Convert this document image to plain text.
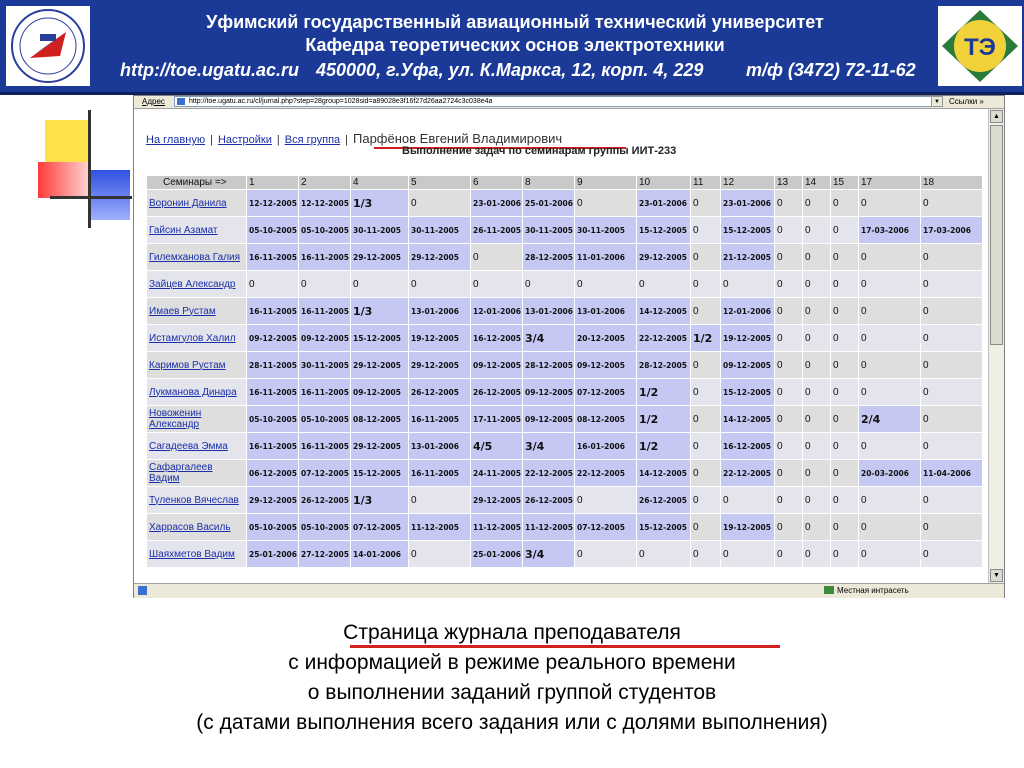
Уфимский государственный авиационный технический университет
Кафедра теоретических основ электротехники
http://toe.ugatu.ac.ru 450000, г.Уфа, ул. К.Маркса, 12, корп. 4, 229	т/ф (3472) 72-11-62
ТЭ
Адрес	http://toe.ugatu.ac.ru/cl/jurnal.php?step=28group=1028sid=a89028e3f16f27d26aa2724c3c038e4a	▼	Ссылки »
На главную | Настройки | Вся группа | Парфёнов Евгений Владимирович
Выполнение задач по семинарам группы ИИТ-233
Семинары =>	1	2	4	5	6	8	9	10	11	12	13	14	15	17	18
Воронин Данила	12-12-2005	12-12-2005	1/3	0	23-01-2006	25-01-2006	0	23-01-2006	0	23-01-2006	0	0	0	0	0
Гайсин Азамат	05-10-2005	05-10-2005	30-11-2005	30-11-2005	26-11-2005	30-11-2005	30-11-2005	15-12-2005	0	15-12-2005	0	0	0	17-03-2006	17-03-2006
Гилемханова Галия	16-11-2005	16-11-2005	29-12-2005	29-12-2005	0	28-12-2005	11-01-2006	29-12-2005	0	21-12-2005	0	0	0	0	0
Зайцев Александр	0	0	0	0	0	0	0	0	0	0	0	0	0	0	0
Имаев Рустам	16-11-2005	16-11-2005	1/3	13-01-2006	12-01-2006	13-01-2006	13-01-2006	14-12-2005	0	12-01-2006	0	0	0	0	0
Истамгулов Халил	09-12-2005	09-12-2005	15-12-2005	19-12-2005	16-12-2005	3/4	20-12-2005	22-12-2005	1/2	19-12-2005	0	0	0	0	0
Каримов Рустам	28-11-2005	30-11-2005	29-12-2005	29-12-2005	09-12-2005	28-12-2005	09-12-2005	28-12-2005	0	09-12-2005	0	0	0	0	0
Лукманова Динара	16-11-2005	16-11-2005	09-12-2005	26-12-2005	26-12-2005	09-12-2005	07-12-2005	1/2	0	15-12-2005	0	0	0	0	0
Новоженин Александр	05-10-2005	05-10-2005	08-12-2005	16-11-2005	17-11-2005	09-12-2005	08-12-2005	1/2	0	14-12-2005	0	0	0	2/4	0
Сагадеева Эмма	16-11-2005	16-11-2005	29-12-2005	13-01-2006	4/5	3/4	16-01-2006	1/2	0	16-12-2005	0	0	0	0	0
Сафаргалеев Вадим	06-12-2005	07-12-2005	15-12-2005	16-11-2005	24-11-2005	22-12-2005	22-12-2005	14-12-2005	0	22-12-2005	0	0	0	20-03-2006	11-04-2006
Туленков Вячеслав	29-12-2005	26-12-2005	1/3	0	29-12-2005	26-12-2005	0	26-12-2005	0	0	0	0	0	0	0
Харрасов Василь	05-10-2005	05-10-2005	07-12-2005	11-12-2005	11-12-2005	11-12-2005	07-12-2005	15-12-2005	0	19-12-2005	0	0	0	0	0
Шаяхметов Вадим	25-01-2006	27-12-2005	14-01-2006	0	25-01-2006	3/4	0	0	0	0	0	0	0	0	0
▲
▼
Местная интрасеть
Страница журнала преподавателя
с информацией в режиме реального времени
о выполнении заданий группой студентов
(с датами выполнения всего задания или с долями выполнения)
